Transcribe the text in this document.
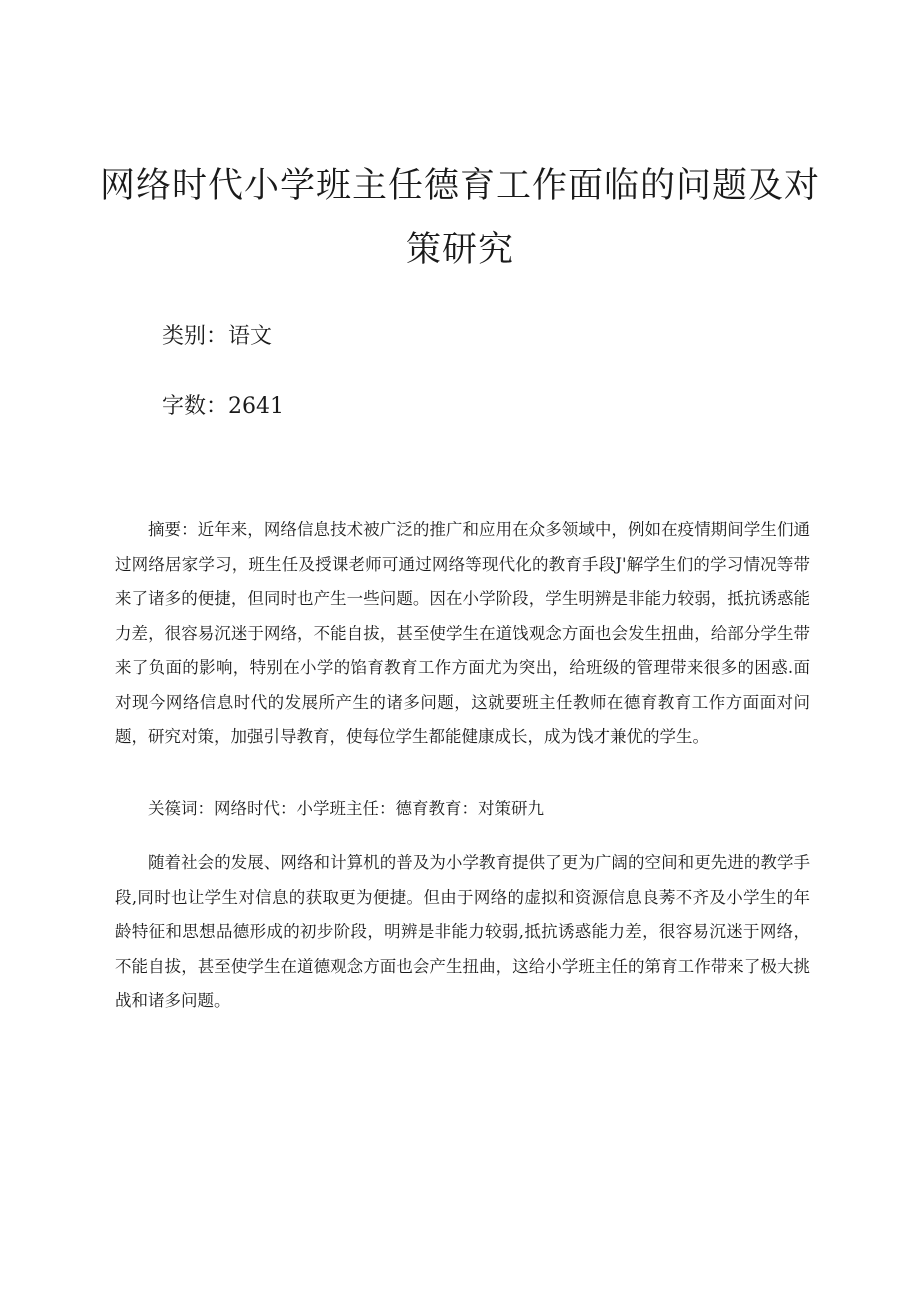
网络时代小学班主任德育工作面临的问题及对
策研究

类别：语文

字数：2641

摘要：近年来，网络信息技术被广泛的推广和应用在众多领域中，例如在疫情期间学生们通过网络居家学习，班生任及授课老师可通过网络等现代化的教育手段J'解学生们的学习情况等带来了诸多的便捷，但同时也产生一些问题。因在小学阶段，学生明辨是非能力较弱，抵抗诱惑能力差，很容易沉迷于网络，不能自拔，甚至使学生在道饯观念方面也会发生扭曲，给部分学生带来了负面的影响，特别在小学的馅育教育工作方面尤为突出，给班级的管理带来很多的困惑.面对现今网络信息时代的发展所产生的诸多问题，这就要班主任教师在德育教育工作方面面对问题，研究对策，加强引导教育，使每位学生都能健康成长，成为饯才兼优的学生。

关篌词：网络时代：小学班主任：德育教育：对策研九

随着社会的发展、网络和计算机的普及为小学教育提供了更为广阔的空间和更先进的教学手段,同时也让学生对信息的获取更为便捷。但由于网络的虚拟和资源信息良莠不齐及小学生的年龄特征和思想品德形成的初步阶段，明辨是非能力较弱,抵抗诱惑能力差，很容易沉迷于网络，不能自拔，甚至使学生在道德观念方面也会产生扭曲，这给小学班主任的第育工作带来了极大挑战和诸多问题。
